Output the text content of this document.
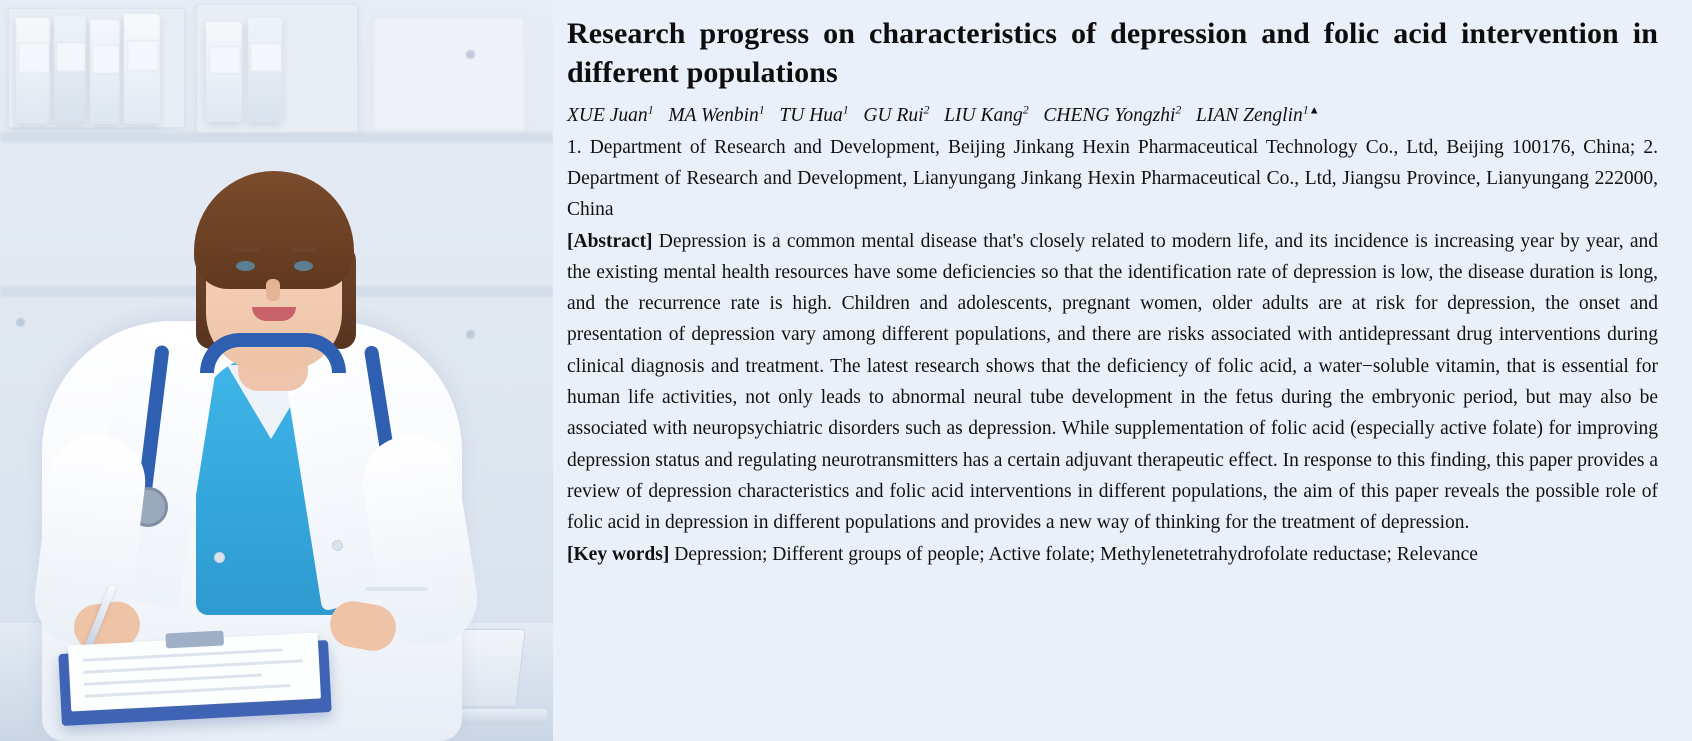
Research progress on characteristics of depression and folic acid intervention in different populations
XUE Juan$^1$ MA Wenbin$^1$ TU Hua$^1$ GU Rui$^2$ LIU Kang$^2$ CHENG Yongzhi$^2$ LIAN Zenglin$^{1▲}$

1. Department of Research and Development, Beijing Jinkang Hexin Pharmaceutical Technology Co., Ltd, Beijing 100176, China; 2. Department of Research and Development, Lianyungang Jinkang Hexin Pharmaceutical Co., Ltd, Jiangsu Province, Lianyungang 222000, China

[Abstract] Depression is a common mental disease that's closely related to modern life, and its incidence is increasing year by year, and the existing mental health resources have some deficiencies so that the identification rate of depression is low, the disease duration is long, and the recurrence rate is high. Children and adolescents, pregnant women, older adults are at risk for depression, the onset and presentation of depression vary among different populations, and there are risks associated with antidepressant drug interventions during clinical diagnosis and treatment. The latest research shows that the deficiency of folic acid, a water−soluble vitamin, that is essential for human life activities, not only leads to abnormal neural tube development in the fetus during the embryonic period, but may also be associated with neuropsychiatric disorders such as depression. While supplementation of folic acid (especially active folate) for improving depression status and regulating neurotransmitters has a certain adjuvant therapeutic effect. In response to this finding, this paper provides a review of depression characteristics and folic acid interventions in different populations, the aim of this paper reveals the possible role of folic acid in depression in different populations and provides a new way of thinking for the treatment of depression.

[Key words] Depression; Different groups of people; Active folate; Methylenetetrahydrofolate reductase; Relevance
